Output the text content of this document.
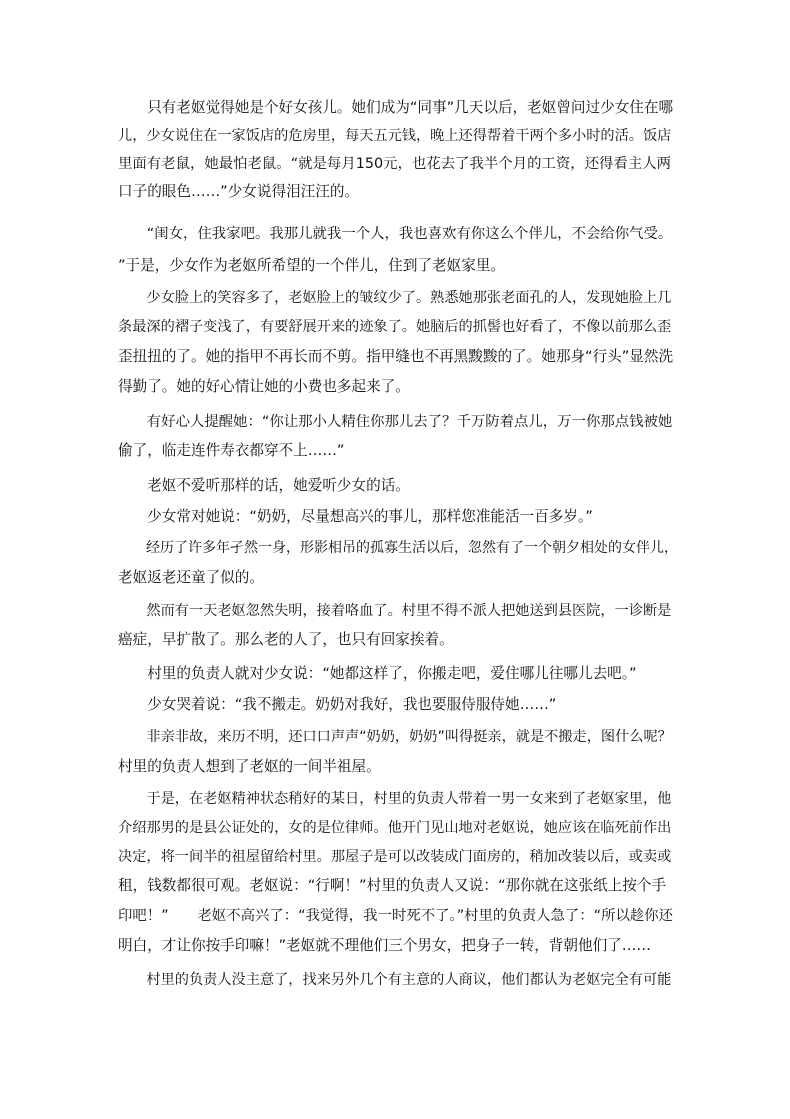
　　只有老妪觉得她是个好女孩儿。她们成为“同事”几天以后，老妪曾问过少女住在哪
儿，少女说住在一家饭店的危房里，每天五元钱，晚上还得帮着干两个多小时的活。饭店
里面有老鼠，她最怕老鼠。“就是每月150元，也花去了我半个月的工资，还得看主人两
口子的眼色……”少女说得泪汪汪的。
　　“闺女，住我家吧。我那儿就我一个人，我也喜欢有你这么个伴儿，不会给你气受。
”于是，少女作为老妪所希望的一个伴儿，住到了老妪家里。
　　少女脸上的笑容多了，老妪脸上的皱纹少了。熟悉她那张老面孔的人，发现她脸上几
条最深的褶子变浅了，有要舒展开来的迹象了。她脑后的抓髻也好看了，不像以前那么歪
歪扭扭的了。她的指甲不再长而不剪。指甲缝也不再黑黢黢的了。她那身“行头”显然洗
得勤了。她的好心情让她的小费也多起来了。
　　有好心人提醒她：“你让那小人精住你那儿去了？千万防着点儿，万一你那点钱被她
偷了，临走连件寿衣都穿不上……”
　　老妪不爱听那样的话，她爱听少女的话。
　　少女常对她说：“奶奶，尽量想高兴的事儿，那样您准能活一百多岁。”
　　经历了许多年孑然一身，形影相吊的孤寡生活以后，忽然有了一个朝夕相处的女伴儿，
老妪返老还童了似的。
　　然而有一天老妪忽然失明，接着咯血了。村里不得不派人把她送到县医院，一诊断是
癌症，早扩散了。那么老的人了，也只有回家挨着。
　　村里的负责人就对少女说：“她都这样了，你搬走吧，爱住哪儿往哪儿去吧。”
　　少女哭着说：“我不搬走。奶奶对我好，我也要服侍服侍她……”
　　非亲非故，来历不明，还口口声声“奶奶，奶奶”叫得挺亲，就是不搬走，图什么呢？
村里的负责人想到了老妪的一间半祖屋。
　　于是，在老妪精神状态稍好的某日，村里的负责人带着一男一女来到了老妪家里，他
介绍那男的是县公证处的，女的是位律师。他开门见山地对老妪说，她应该在临死前作出
决定，将一间半的祖屋留给村里。那屋子是可以改装成门面房的，稍加改装以后，或卖或
租，钱数都很可观。老妪说：“行啊！”村里的负责人又说：“那你就在这张纸上按个手
印吧！”　　老妪不高兴了：“我觉得，我一时死不了。”村里的负责人急了：“所以趁你还
明白，才让你按手印嘛！”老妪就不理他们三个男女，把身子一转，背朝他们了……
　　村里的负责人没主意了，找来另外几个有主意的人商议，他们都认为老妪完全有可能
